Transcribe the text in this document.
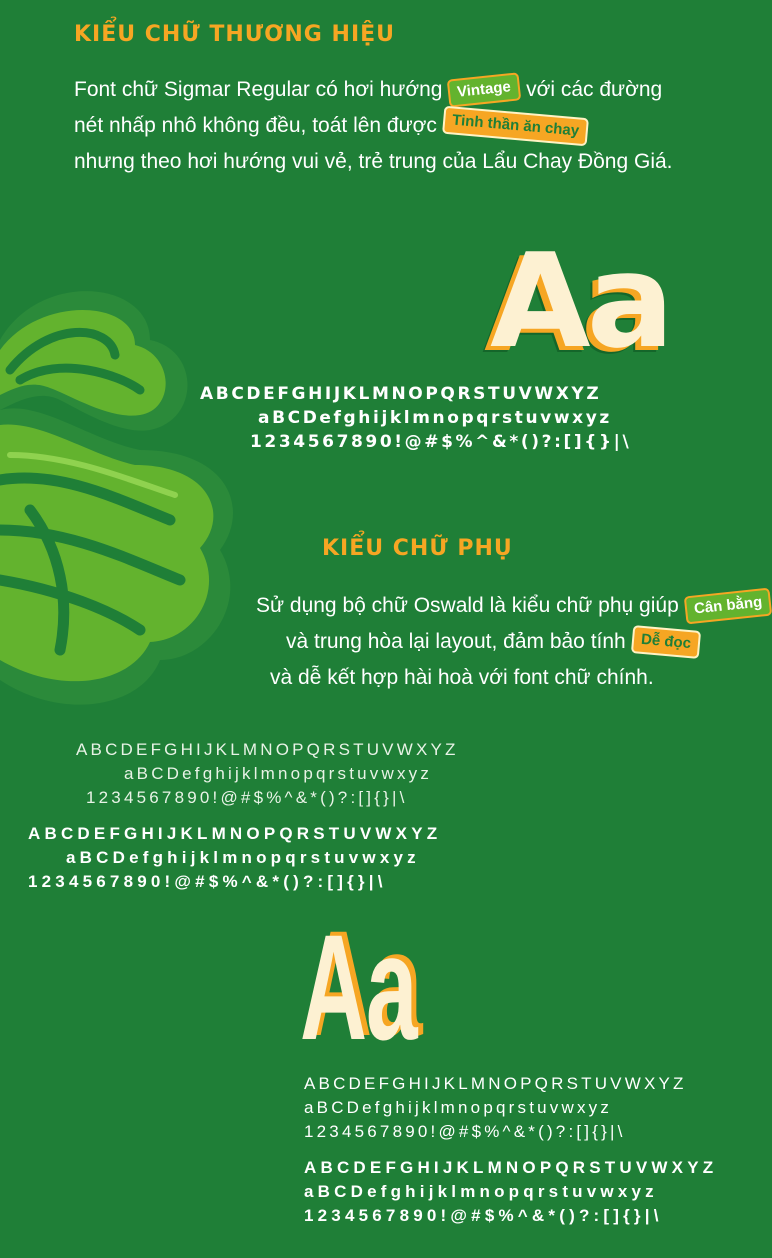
KIỂU CHỮ THƯƠNG HIỆU
Font chữ Sigmar Regular có hơi hướng Vintage với các đường
nét nhấp nhô không đều, toát lên được Tinh thần ăn chay
nhưng theo hơi hướng vui vẻ, trẻ trung của Lẩu Chay Đồng Giá.
Aa
ABCDEFGHIJKLMNOPQRSTUVWXYZ
aBCDefghijklmnopqrstuvwxyz
1234567890!@#$%^&*()?:[]{}|\
KIỂU CHỮ PHỤ
Sử dụng bộ chữ Oswald là kiểu chữ phụ giúp Cân bằng
và trung hòa lại layout, đảm bảo tính Dễ đọc
và dễ kết hợp hài hoà với font chữ chính.
ABCDEFGHIJKLMNOPQRSTUVWXYZ
aBCDefghijklmnopqrstuvwxyz
1234567890!@#$%^&*()?:[]{}|\
ABCDEFGHIJKLMNOPQRSTUVWXYZ
aBCDefghijklmnopqrstuvwxyz
1234567890!@#$%^&*()?:[]{}|\
Aa
ABCDEFGHIJKLMNOPQRSTUVWXYZ
aBCDefghijklmnopqrstuvwxyz
1234567890!@#$%^&*()?:[]{}|\
ABCDEFGHIJKLMNOPQRSTUVWXYZ
aBCDefghijklmnopqrstuvwxyz
1234567890!@#$%^&*()?:[]{}|\
